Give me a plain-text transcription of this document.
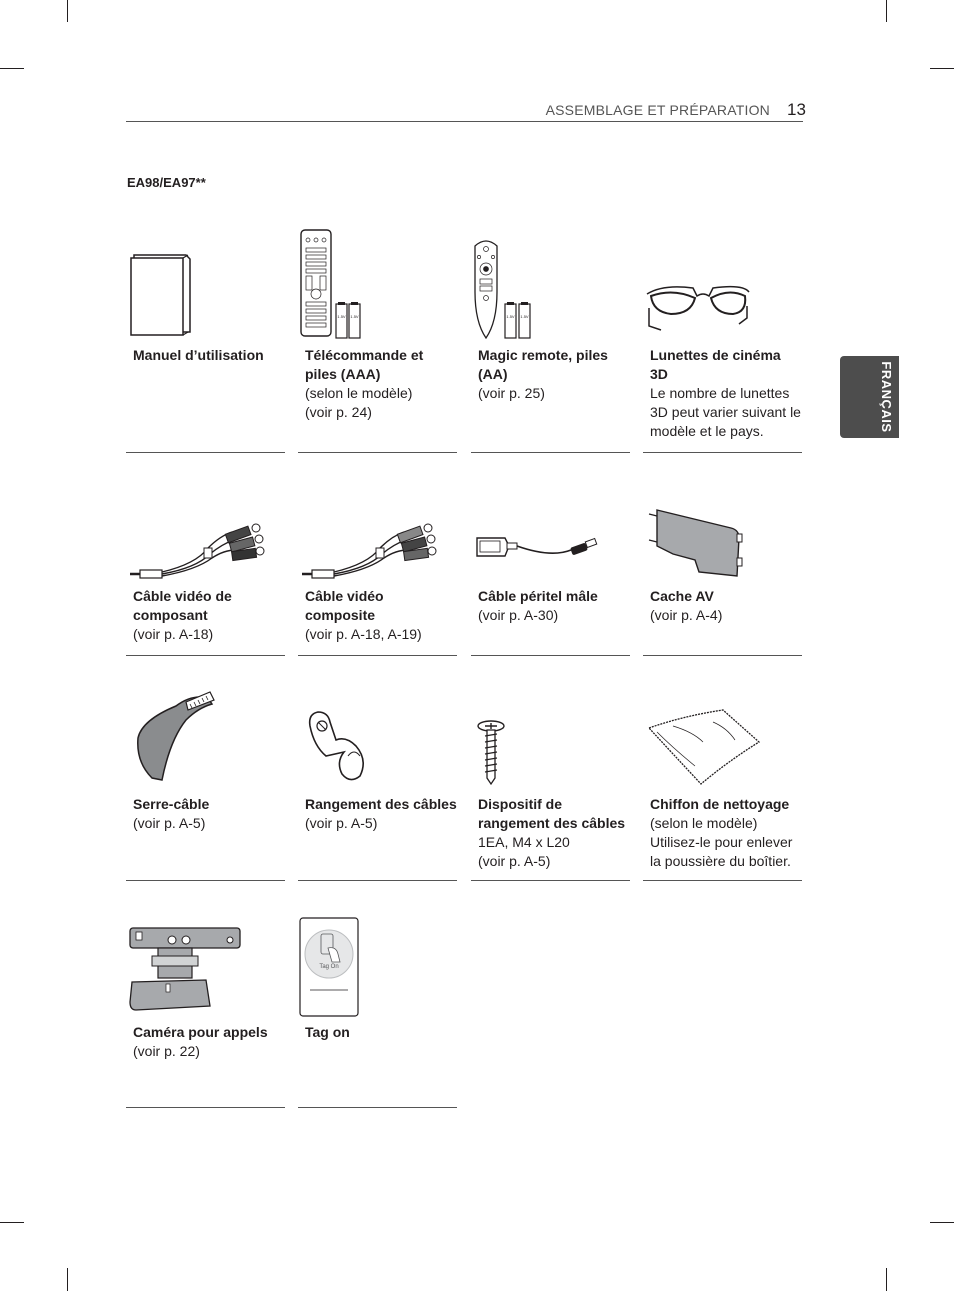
ASSEMBLAGE ET PRÉPARATION 13
EA98/EA97**
FRANÇAIS
Manuel d’utilisation
1.5V 1.5V
Télécommande et piles (AAA)
(selon le modèle)
(voir p. 24)
1.5V 1.5V
Magic remote, piles (AA)
(voir p. 25)
Lunettes de cinéma 3D
Le nombre de lunettes 3D peut varier suivant le modèle et le pays.
Câble vidéo de composant
(voir p. A-18)
Câble vidéo composite
(voir p. A-18, A-19)
Câble péritel mâle
(voir p. A-30)
Cache AV
(voir p. A-4)
Serre-câble
(voir p. A-5)
Rangement des câbles
(voir p. A-5)
Dispositif de rangement des câbles
1EA, M4 x L20
(voir p. A-5)
Chiffon de nettoyage
(selon le modèle)
Utilisez-le pour enlever la poussière du boîtier.
Caméra pour appels
(voir p. 22)
Tag On
Tag on
